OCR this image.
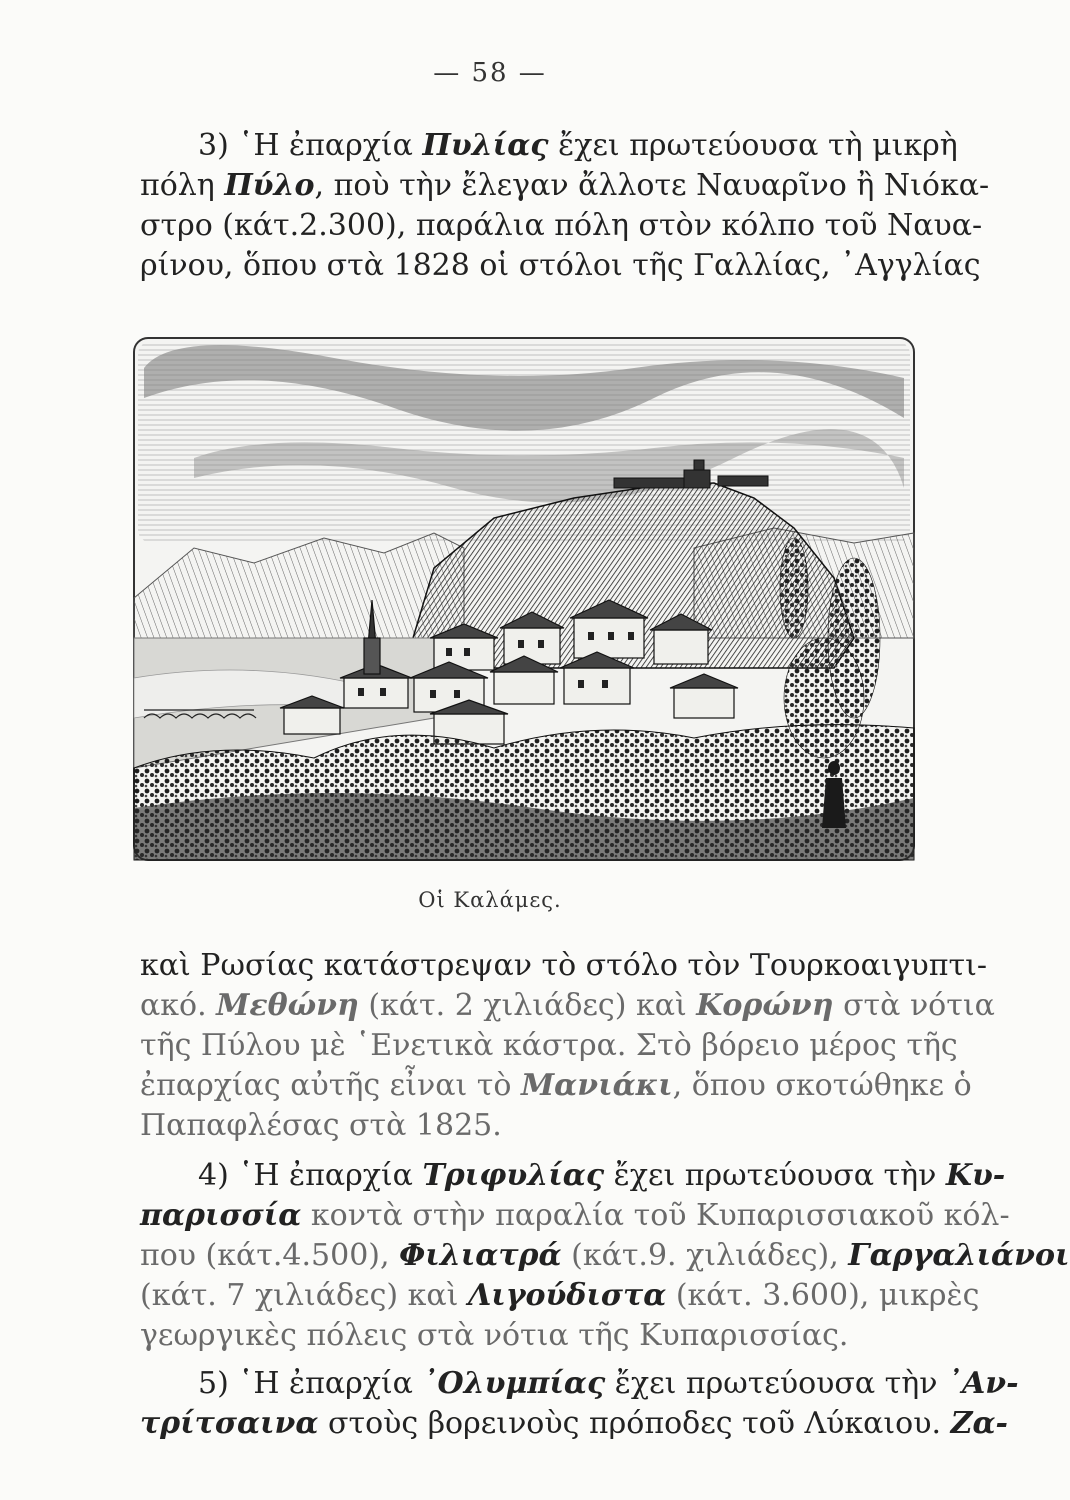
— 58 —
3) ῾Η ἐπαρχία Πυλίας ἔχει πρωτεύουσα τὴ μικρὴ
πόλη Πύλο, ποὺ τὴν ἔλεγαν ἄλλοτε Ναυαρῖνο ἢ Νιόκα-
στρο (κάτ.2.300), παράλια πόλη στὸν κόλπο τοῦ Ναυα-
ρίνου, ὅπου στὰ 1828 οἱ στόλοι τῆς Γαλλίας, ᾿Αγγλίας
Οἱ Καλάμες.
καὶ Ρωσίας κατάστρεψαν τὸ στόλο τὸν Τουρκοαιγυπτι-
ακό. Μεθώνη (κάτ. 2 χιλιάδες) καὶ Κορώνη στὰ νότια
τῆς Πύλου μὲ ῾Ενετικὰ κάστρα. Στὸ βόρειο μέρος τῆς
ἐπαρχίας αὐτῆς εἶναι τὸ Μανιάκι, ὅπου σκοτώθηκε ὁ
Παπαφλέσας στὰ 1825.
4) ῾Η ἐπαρχία Τριφυλίας ἔχει πρωτεύουσα τὴν Κυ-
παρισσία κοντὰ στὴν παραλία τοῦ Κυπαρισσιακοῦ κόλ-
που (κάτ.4.500), Φιλιατρά (κάτ.9. χιλιάδες), Γαργαλιάνοι
(κάτ. 7 χιλιάδες) καὶ Λιγούδιστα (κάτ. 3.600), μικρὲς
γεωργικὲς πόλεις στὰ νότια τῆς Κυπαρισσίας.
5) ῾Η ἐπαρχία ᾿Ολυμπίας ἔχει πρωτεύουσα τὴν ᾿Αν-
τρίτσαινα στοὺς βορεινοὺς πρόποδες τοῦ Λύκαιου. Ζα-
